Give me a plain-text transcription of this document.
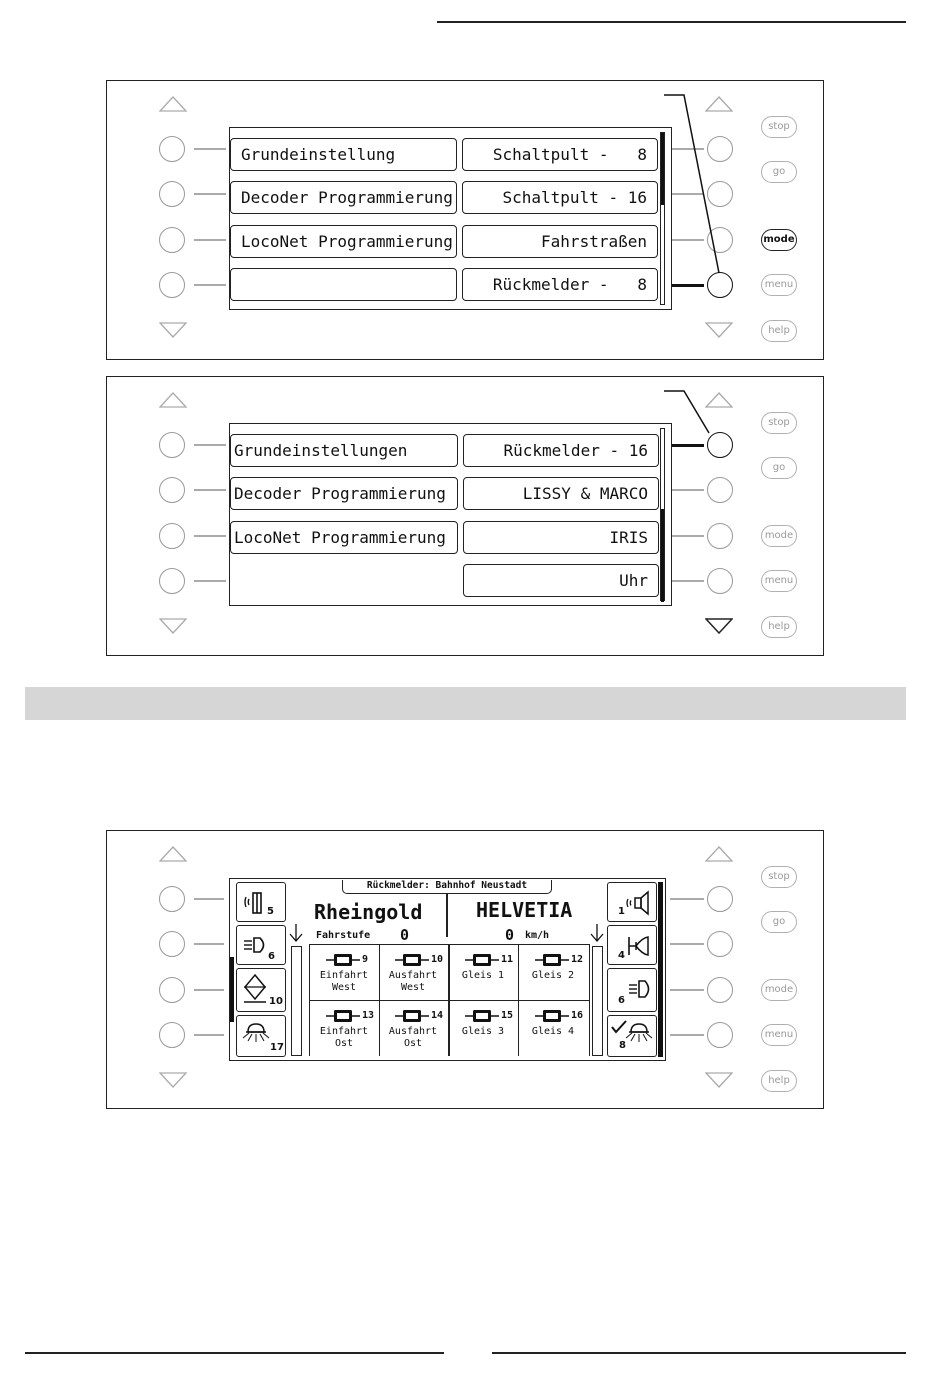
stop
go
mode
menu
help
Grundeinstellung
Decoder Programmierung
LocoNet Programmierung
Schaltpult -   8
Schaltpult - 16
Fahrstraßen
Rückmelder -   8
stop
go
mode
menu
help
Grundeinstellungen
Decoder Programmierung
LocoNet Programmierung
Rückmelder - 16
LISSY & MARCO
IRIS
Uhr
stop
go
mode
menu
help
Rückmelder: Bahnhof Neustadt
5
6
10
17
1
4
6
8
Rheingold	HELVETIA
Fahrstufe 0	0 km/h
9
Einfahrt
West
10
Ausfahrt
West
11
Gleis 1
12
Gleis 2
13
Einfahrt
Ost
14
Ausfahrt
Ost
15
Gleis 3
16
Gleis 4
